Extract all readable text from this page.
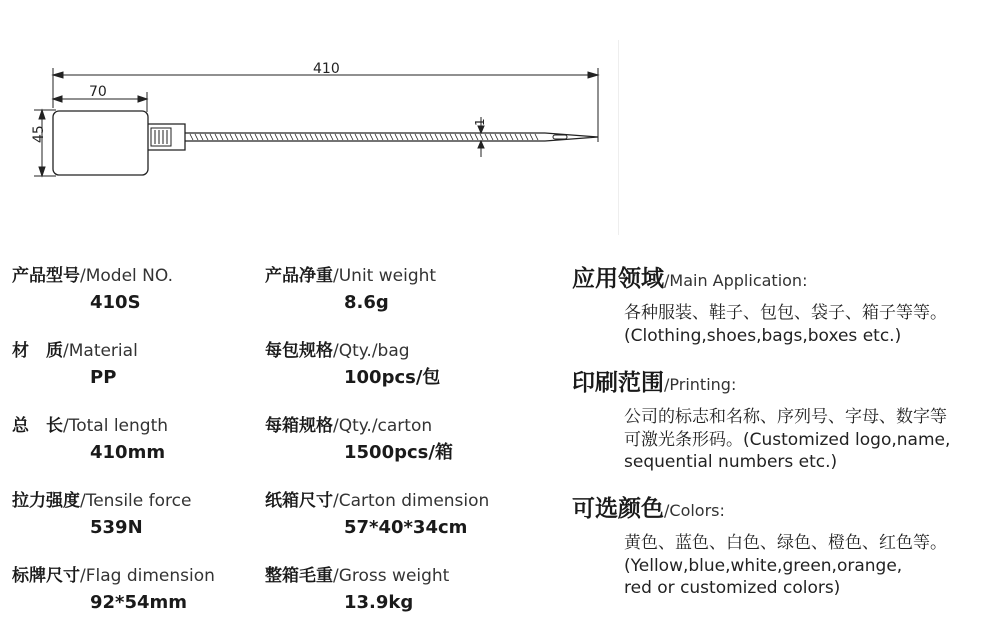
410
70
45
1
产品型号/Model NO.
410S
材　质/Material
PP
总　长/Total length
410mm
拉力强度/Tensile force
539N
标牌尺寸/Flag dimension
92*54mm
产品净重/Unit weight
8.6g
每包规格/Qty./bag
100pcs/包
每箱规格/Qty./carton
1500pcs/箱
纸箱尺寸/Carton dimension
57*40*34cm
整箱毛重/Gross weight
13.9kg
应用领域/Main Application:
各种服装、鞋子、包包、袋子、箱子等等。
(Clothing,shoes,bags,boxes etc.)
印刷范围/Printing:
公司的标志和名称、序列号、字母、数字等
可激光条形码。(Customized logo,name,
sequential numbers etc.)
可选颜色/Colors:
黄色、蓝色、白色、绿色、橙色、红色等。
(Yellow,blue,white,green,orange,
red or customized colors)
